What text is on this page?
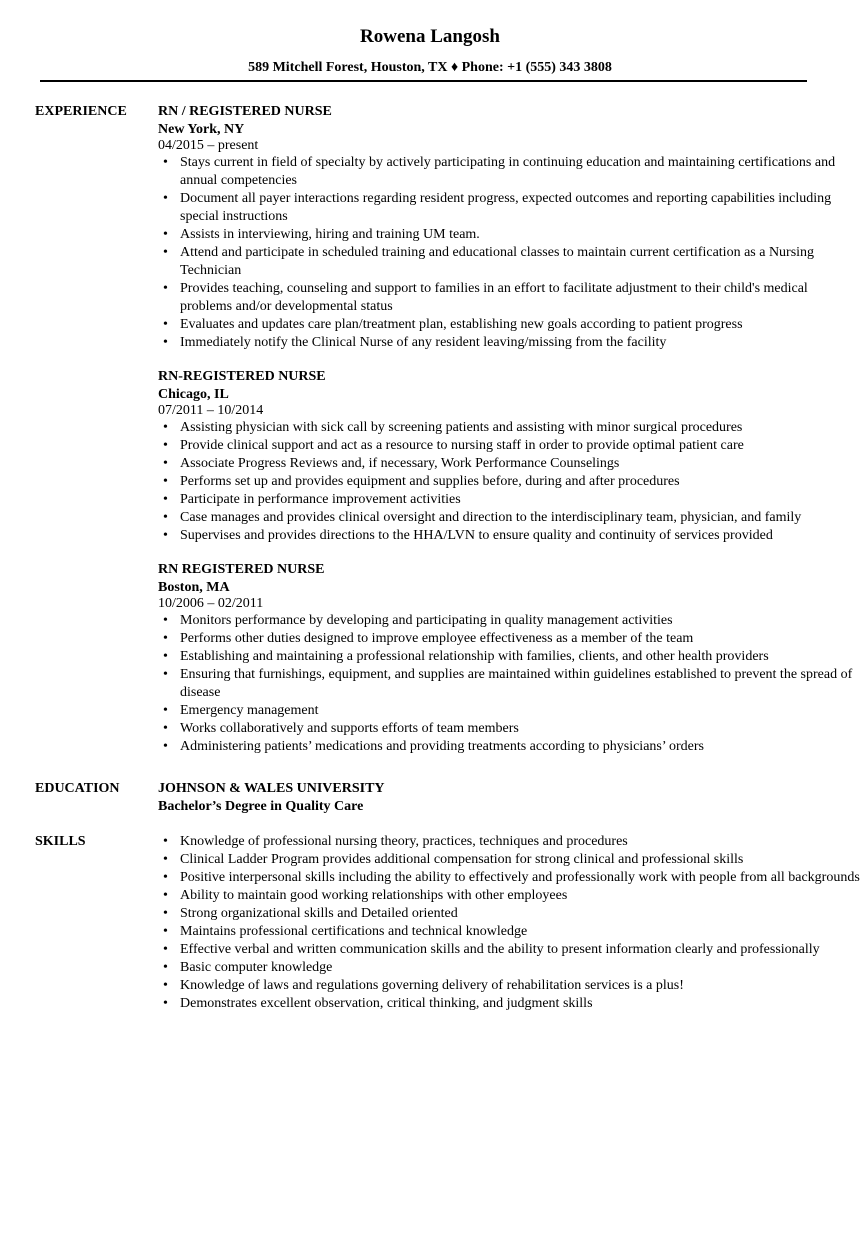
Rowena Langosh
589 Mitchell Forest, Houston, TX ♦ Phone: +1 (555) 343 3808
EXPERIENCE	RN / REGISTERED NURSE
New York, NY
04/2015 – present
• Stays current in field of specialty by actively participating in continuing education and maintaining certifications and annual competencies
• Document all payer interactions regarding resident progress, expected outcomes and reporting capabilities including special instructions
• Assists in interviewing, hiring and training UM team.
• Attend and participate in scheduled training and educational classes to maintain current certification as a Nursing Technician
• Provides teaching, counseling and support to families in an effort to facilitate adjustment to their child's medical problems and/or developmental status
• Evaluates and updates care plan/treatment plan, establishing new goals according to patient progress
• Immediately notify the Clinical Nurse of any resident leaving/missing from the facility
RN-REGISTERED NURSE
Chicago, IL
07/2011 – 10/2014
• Assisting physician with sick call by screening patients and assisting with minor surgical procedures
• Provide clinical support and act as a resource to nursing staff in order to provide optimal patient care
• Associate Progress Reviews and, if necessary, Work Performance Counselings
• Performs set up and provides equipment and supplies before, during and after procedures
• Participate in performance improvement activities
• Case manages and provides clinical oversight and direction to the interdisciplinary team, physician, and family
• Supervises and provides directions to the HHA/LVN to ensure quality and continuity of services provided
RN REGISTERED NURSE
Boston, MA
10/2006 – 02/2011
• Monitors performance by developing and participating in quality management activities
• Performs other duties designed to improve employee effectiveness as a member of the team
• Establishing and maintaining a professional relationship with families, clients, and other health providers
• Ensuring that furnishings, equipment, and supplies are maintained within guidelines established to prevent the spread of disease
• Emergency management
• Works collaboratively and supports efforts of team members
• Administering patients’ medications and providing treatments according to physicians’ orders
EDUCATION	JOHNSON & WALES UNIVERSITY
Bachelor’s Degree in Quality Care
SKILLS
•	Knowledge of professional nursing theory, practices, techniques and procedures
• Clinical Ladder Program provides additional compensation for strong clinical and professional skills
• Positive interpersonal skills including the ability to effectively and professionally work with people from all backgrounds
• Ability to maintain good working relationships with other employees
• Strong organizational skills and Detailed oriented
• Maintains professional certifications and technical knowledge
• Effective verbal and written communication skills and the ability to present information clearly and professionally
• Basic computer knowledge
• Knowledge of laws and regulations governing delivery of rehabilitation services is a plus!
• Demonstrates excellent observation, critical thinking, and judgment skills
